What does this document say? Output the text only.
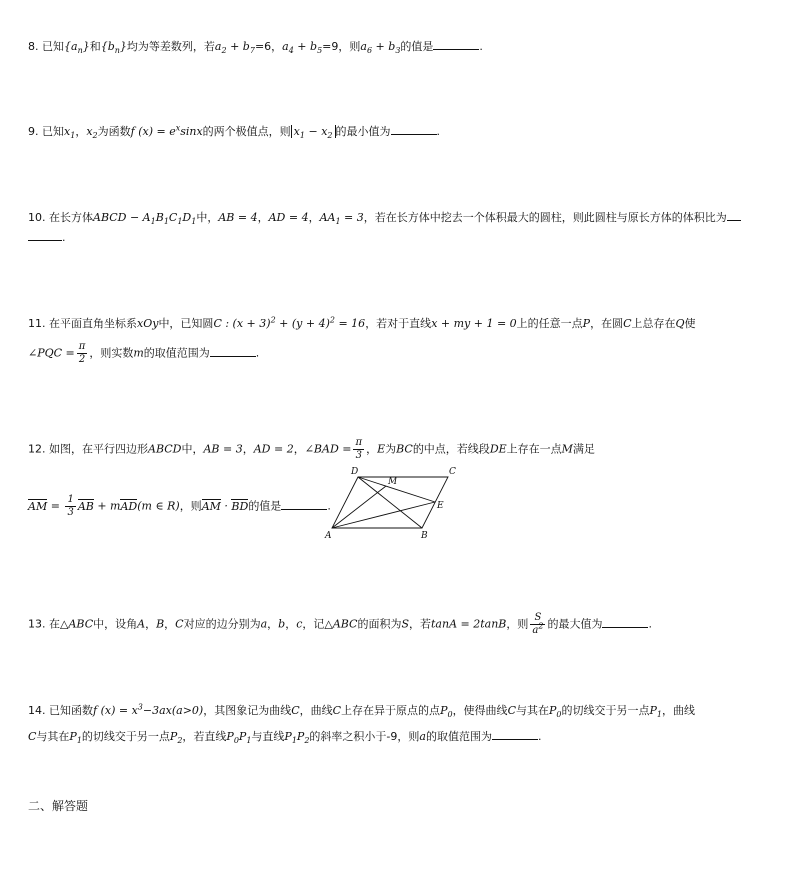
8. 已知$\{a_n\}$和$\{b_n\}$均为等差数列，若$a_2 + b_7=6$，$a_4 + b_5=9$，则$a_6 + b_3$的值是	.
9. 已知$x_1$，$x_2$为函数f $(x) = e^x\sin x$的两个极值点，则 $x_1 - x_2$ 的最小值为	.
10. 在长方体ABCD − $A_1B_1C_1D_1$中，AB = 4，AD = 4，$AA_1 = 3$，若在长方体中挖去一个体积最大的圆柱，则此圆柱与原长方体的体积比为
.
11. 在平面直角坐标系xOy中，已知圆C : $(x + 3)^2 + (y + 4)^2 = 16$，若对于直线x + my + 1 = 0上的任意一点P，在圆C上总存在Q使
∠PQC = $\frac{\pi}{2}$ ，则实数m的取值范围为	.
12. 如图，在平行四边形ABCD中，AB = 3，AD = 2，∠BAD = $\frac{\pi}{3}$ ，E为BC的中点，若线段DE上存在一点M满足
AM = $\frac{1}{3}$ AB + mAD(m ∈ R)，则AM · BD的值是	.
D	C
M
E
A	B
13. 在△ABC中，设角A，B，C对应的边分别为a，b，c，记△ABC的面积为S，若tanA = 2tanB，则 $\frac{S}{a^2}$ 的最大值为	.
14. 已知函数f $(x) = x^3-3ax(a>0)$，其图象记为曲线C，曲线C上存在异于原点的点$P_0$，使得曲线C与其在$P_0$的切线交于另一点$P_1$，曲线
C与其在$P_1$的切线交于另一点$P_2$，若直线$P_0P_1$与直线$P_1P_2$的斜率之积小于-9，则a的取值范围为	.
二、解答题
